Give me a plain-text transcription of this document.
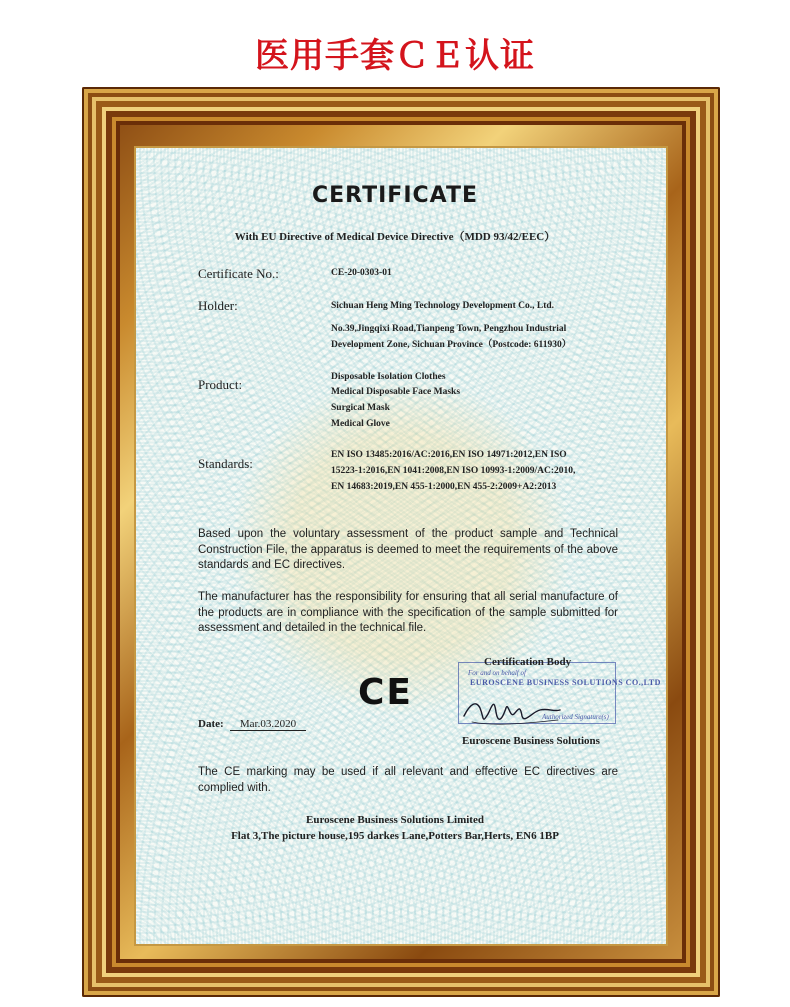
医用手套ＣＥ认证
CERTIFICATE
With EU Directive of Medical Device Directive（MDD 93/42/EEC）
Certificate No.:	CE-20-0303-01
Holder:	Sichuan Heng Ming Technology Development Co., Ltd.
No.39,Jingqixi Road,Tianpeng Town, Pengzhou Industrial
Development Zone, Sichuan Province（Postcode: 611930）
Product:	Disposable Isolation Clothes
Medical Disposable Face Masks
Surgical Mask
Medical Glove
Standards:
EN ISO 13485:2016/AC:2016,EN ISO 14971:2012,EN ISO
15223-1:2016,EN 1041:2008,EN ISO 10993-1:2009/AC:2010,
EN 14683:2019,EN 455-1:2000,EN 455-2:2009+A2:2013

Based upon the voluntary assessment of the product sample and Technical Construction File, the apparatus is deemed to meet the requirements of the above standards and EC directives.

The manufacturer has the responsibility for ensuring that all serial manufacture of the products are in compliance with the specification of the sample submitted for assessment and detailed in the technical file.

CE
Date:	Mar.03.2020
Certification Body
For and on behalf of
EUROSCENE BUSINESS SOLUTIONS CO.,LTD
Authorized Signature(s)
Euroscene Business Solutions

The CE marking may be used if all relevant and effective EC directives are complied with.

Euroscene Business Solutions Limited
Flat 3,The picture house,195 darkes Lane,Potters Bar,Herts, EN6 1BP
